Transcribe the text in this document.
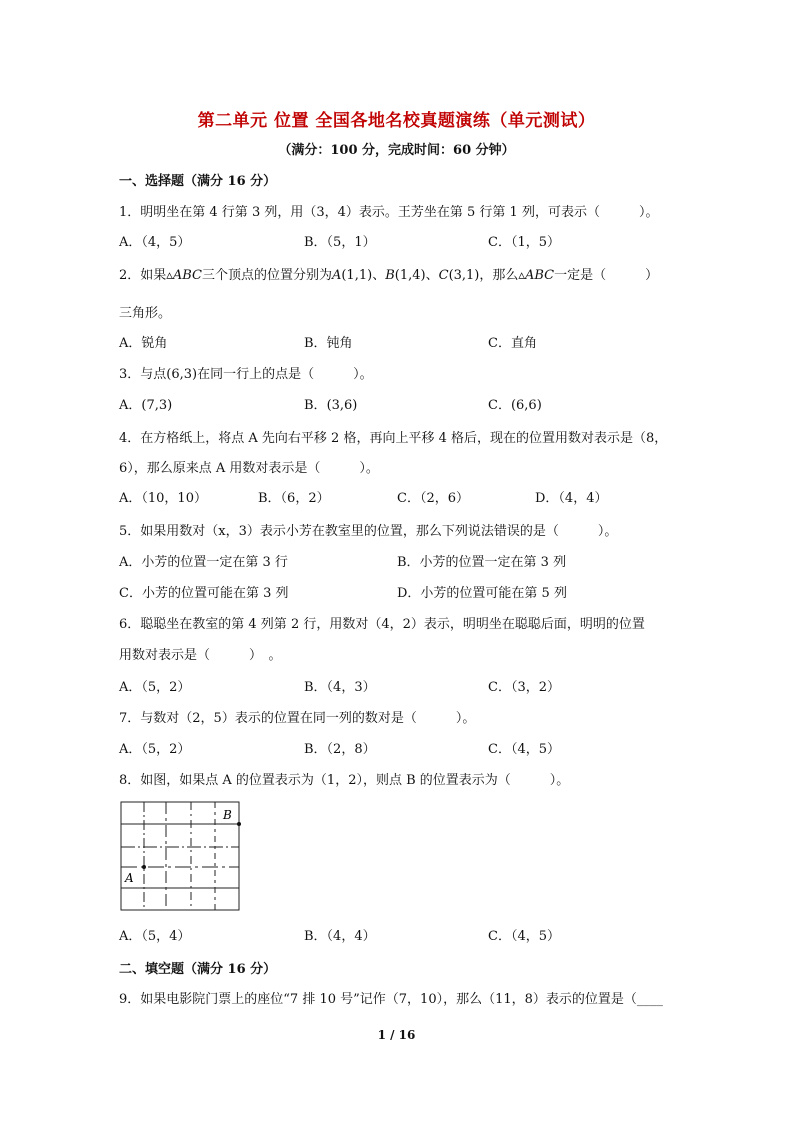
第二单元 位置 全国各地名校真题演练（单元测试）
（满分：100 分，完成时间：60 分钟）
一、选择题（满分 16 分）
1．明明坐在第 4 行第 3 列，用（3，4）表示。王芳坐在第 5 行第 1 列，可表示（　　　）。
A．（4，5）	B．（5，1）	C．（1，5）
2．如果▵ABC三个顶点的位置分别为A(1,1)、B(1,4)、C(3,1)，那么▵ABC一定是（　　　）
三角形。
A．锐角	B．钝角	C．直角
3．与点(6,3)在同一行上的点是（　　　）。
A．(7,3)	B．(3,6)	C．(6,6)
4．在方格纸上，将点 A 先向右平移 2 格，再向上平移 4 格后，现在的位置用数对表示是（8，
6），那么原来点 A 用数对表示是（　　　）。
A．（10，10）	B．（6，2）	C．（2，6）	D．（4，4）
5．如果用数对（x，3）表示小芳在教室里的位置，那么下列说法错误的是（　　　）。
A．小芳的位置一定在第 3 行	B．小芳的位置一定在第 3 列
C．小芳的位置可能在第 3 列	D．小芳的位置可能在第 5 列
6．聪聪坐在教室的第 4 列第 2 行，用数对（4，2）表示，明明坐在聪聪后面，明明的位置
用数对表示是（　　　）　。
A．（5，2）	B．（4，3）	C．（3，2）
7．与数对（2，5）表示的位置在同一列的数对是（　　　）。
A．（5，2）	B．（2，8）	C．（4，5）
8．如图，如果点 A 的位置表示为（1，2），则点 B 的位置表示为（　　　）。
A
B
A．（5，4）	B．（4，4）	C．（4，5）
二、填空题（满分 16 分）
9．如果电影院门票上的座位“7 排 10 号”记作（7，10），那么（11，8）表示的位置是（____
1 / 16
